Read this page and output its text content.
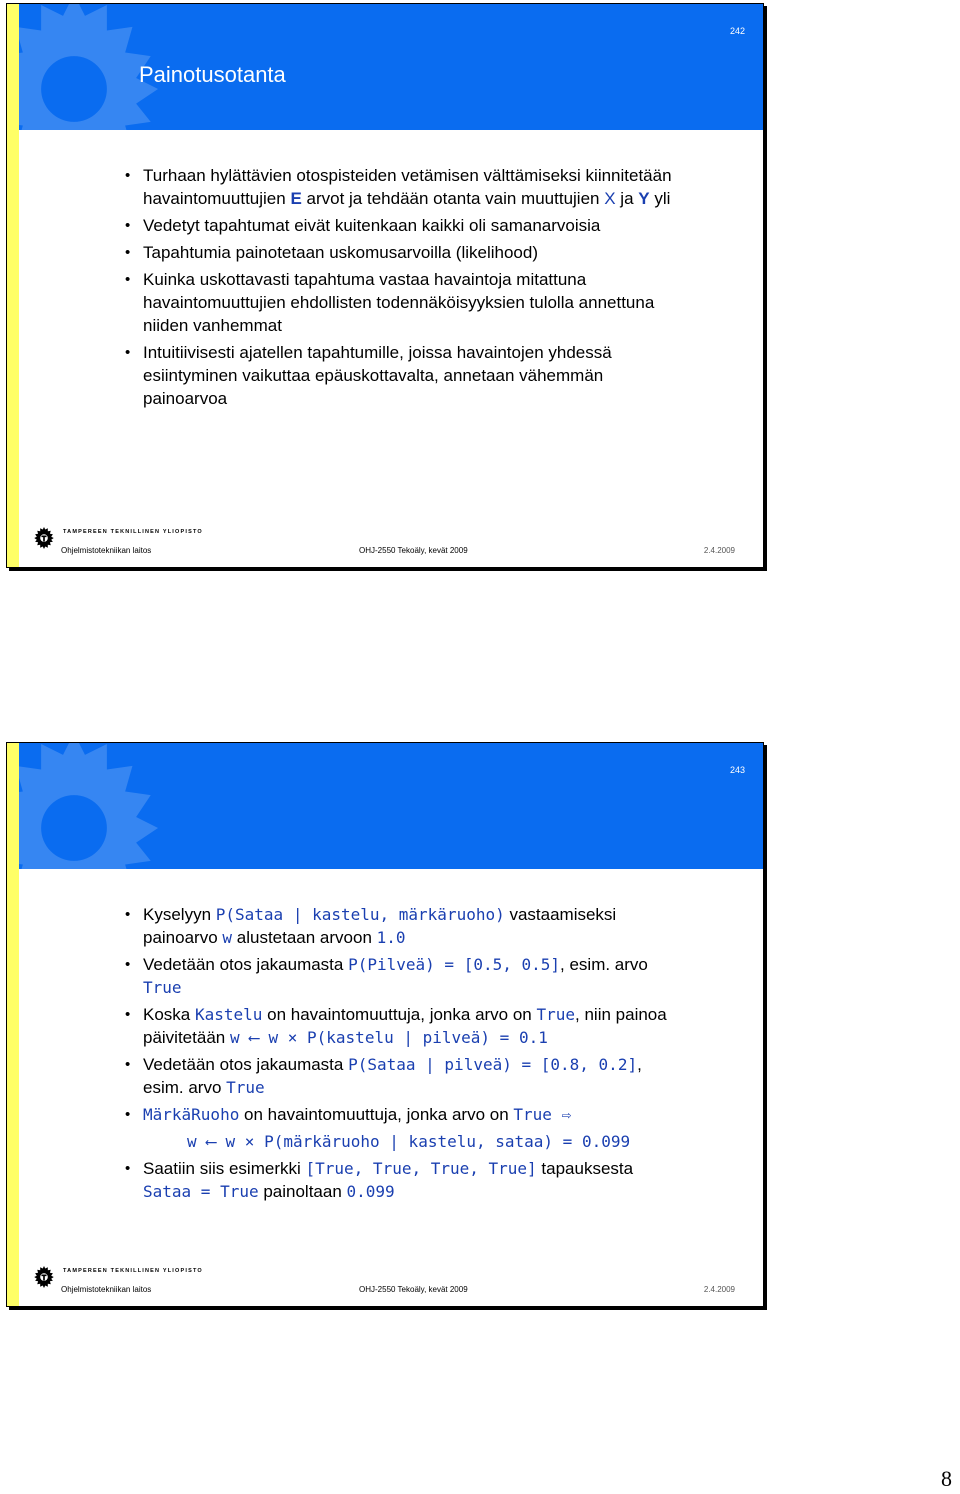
242
Painotusotanta
• Turhaan hylättävien otospisteiden vetämisen välttämiseksi kiinnitetään havaintomuuttujien E arvot ja tehdään otanta vain muuttujien X ja Y yli
• Vedetyt tapahtumat eivät kuitenkaan kaikki oli samanarvoisia
• Tapahtumia painotetaan uskomusarvoilla (likelihood)
• Kuinka uskottavasti tapahtuma vastaa havaintoja mitattuna havaintomuuttujien ehdollisten todennäköisyyksien tulolla annettuna niiden vanhemmat
• Intuitiivisesti ajatellen tapahtumille, joissa havaintojen yhdessä esiintyminen vaikuttaa epäuskottavalta, annetaan vähemmän painoarvoa
TAMPEREEN TEKNILLINEN YLIOPISTO
Ohjelmistotekniikan laitos	OHJ-2550 Tekoäly, kevät 2009	2.4.2009
243
• Kyselyyn P(Sataa | kastelu, märkäruoho) vastaamiseksi painoarvo w alustetaan arvoon 1.0
• Vedetään otos jakaumasta P(Pilveä) = [0.5, 0.5], esim. arvo True
• Koska Kastelu on havaintomuuttuja, jonka arvo on True, niin painoa päivitetään w ⟵ w × P(kastelu | pilveä) = 0.1
• Vedetään otos jakaumasta P(Sataa | pilveä) = [0.8, 0.2], esim. arvo True
• MärkäRuoho on havaintomuuttuja, jonka arvo on True ⇨
w ⟵ w × P(märkäruoho | kastelu, sataa) = 0.099
• Saatiin siis esimerkki [True, True, True, True] tapauksesta Sataa = True painoltaan 0.099
TAMPEREEN TEKNILLINEN YLIOPISTO
Ohjelmistotekniikan laitos	OHJ-2550 Tekoäly, kevät 2009	2.4.2009
8
